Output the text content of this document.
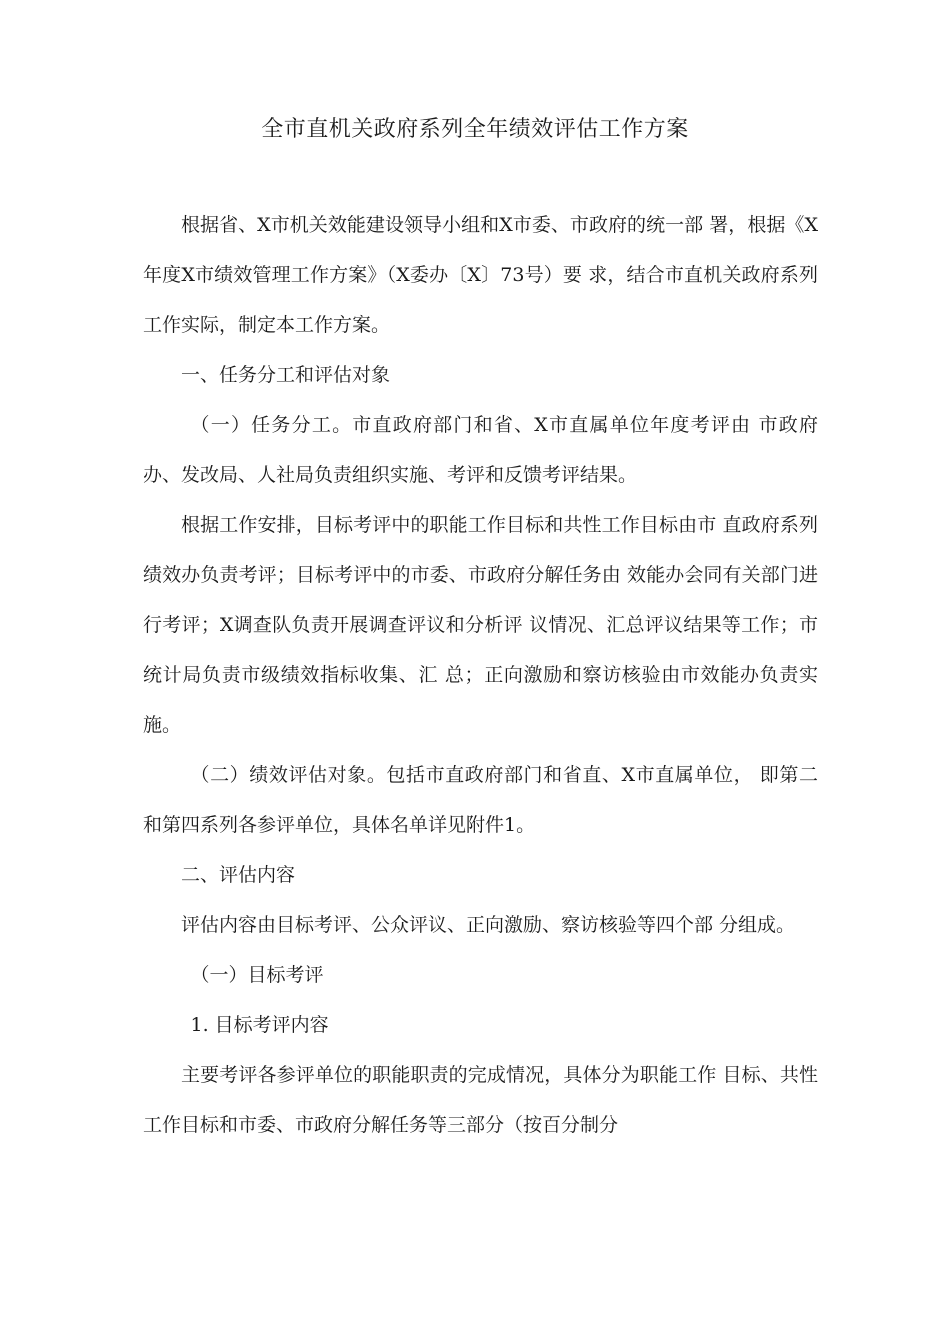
全市直机关政府系列全年绩效评估工作方案

根据省、X市机关效能建设领导小组和X市委、市政府的统一部 署，根据《X年度X市绩效管理工作方案》（X委办〔X〕73号）要 求，结合市直机关政府系列工作实际，制定本工作方案。

一、任务分工和评估对象

（一）任务分工。市直政府部门和省、X市直属单位年度考评由 市政府办、发改局、人社局负责组织实施、考评和反馈考评结果。

根据工作安排，目标考评中的职能工作目标和共性工作目标由市 直政府系列绩效办负责考评；目标考评中的市委、市政府分解任务由 效能办会同有关部门进行考评；X调查队负责开展调查评议和分析评 议情况、汇总评议结果等工作；市统计局负责市级绩效指标收集、汇 总；正向激励和察访核验由市效能办负责实施。

（二）绩效评估对象。包括市直政府部门和省直、X市直属单位， 即第二和第四系列各参评单位，具体名单详见附件1。

二、评估内容

评估内容由目标考评、公众评议、正向激励、察访核验等四个部 分组成。

（一）目标考评

1. 目标考评内容

主要考评各参评单位的职能职责的完成情况，具体分为职能工作 目标、共性工作目标和市委、市政府分解任务等三部分（按百分制分
